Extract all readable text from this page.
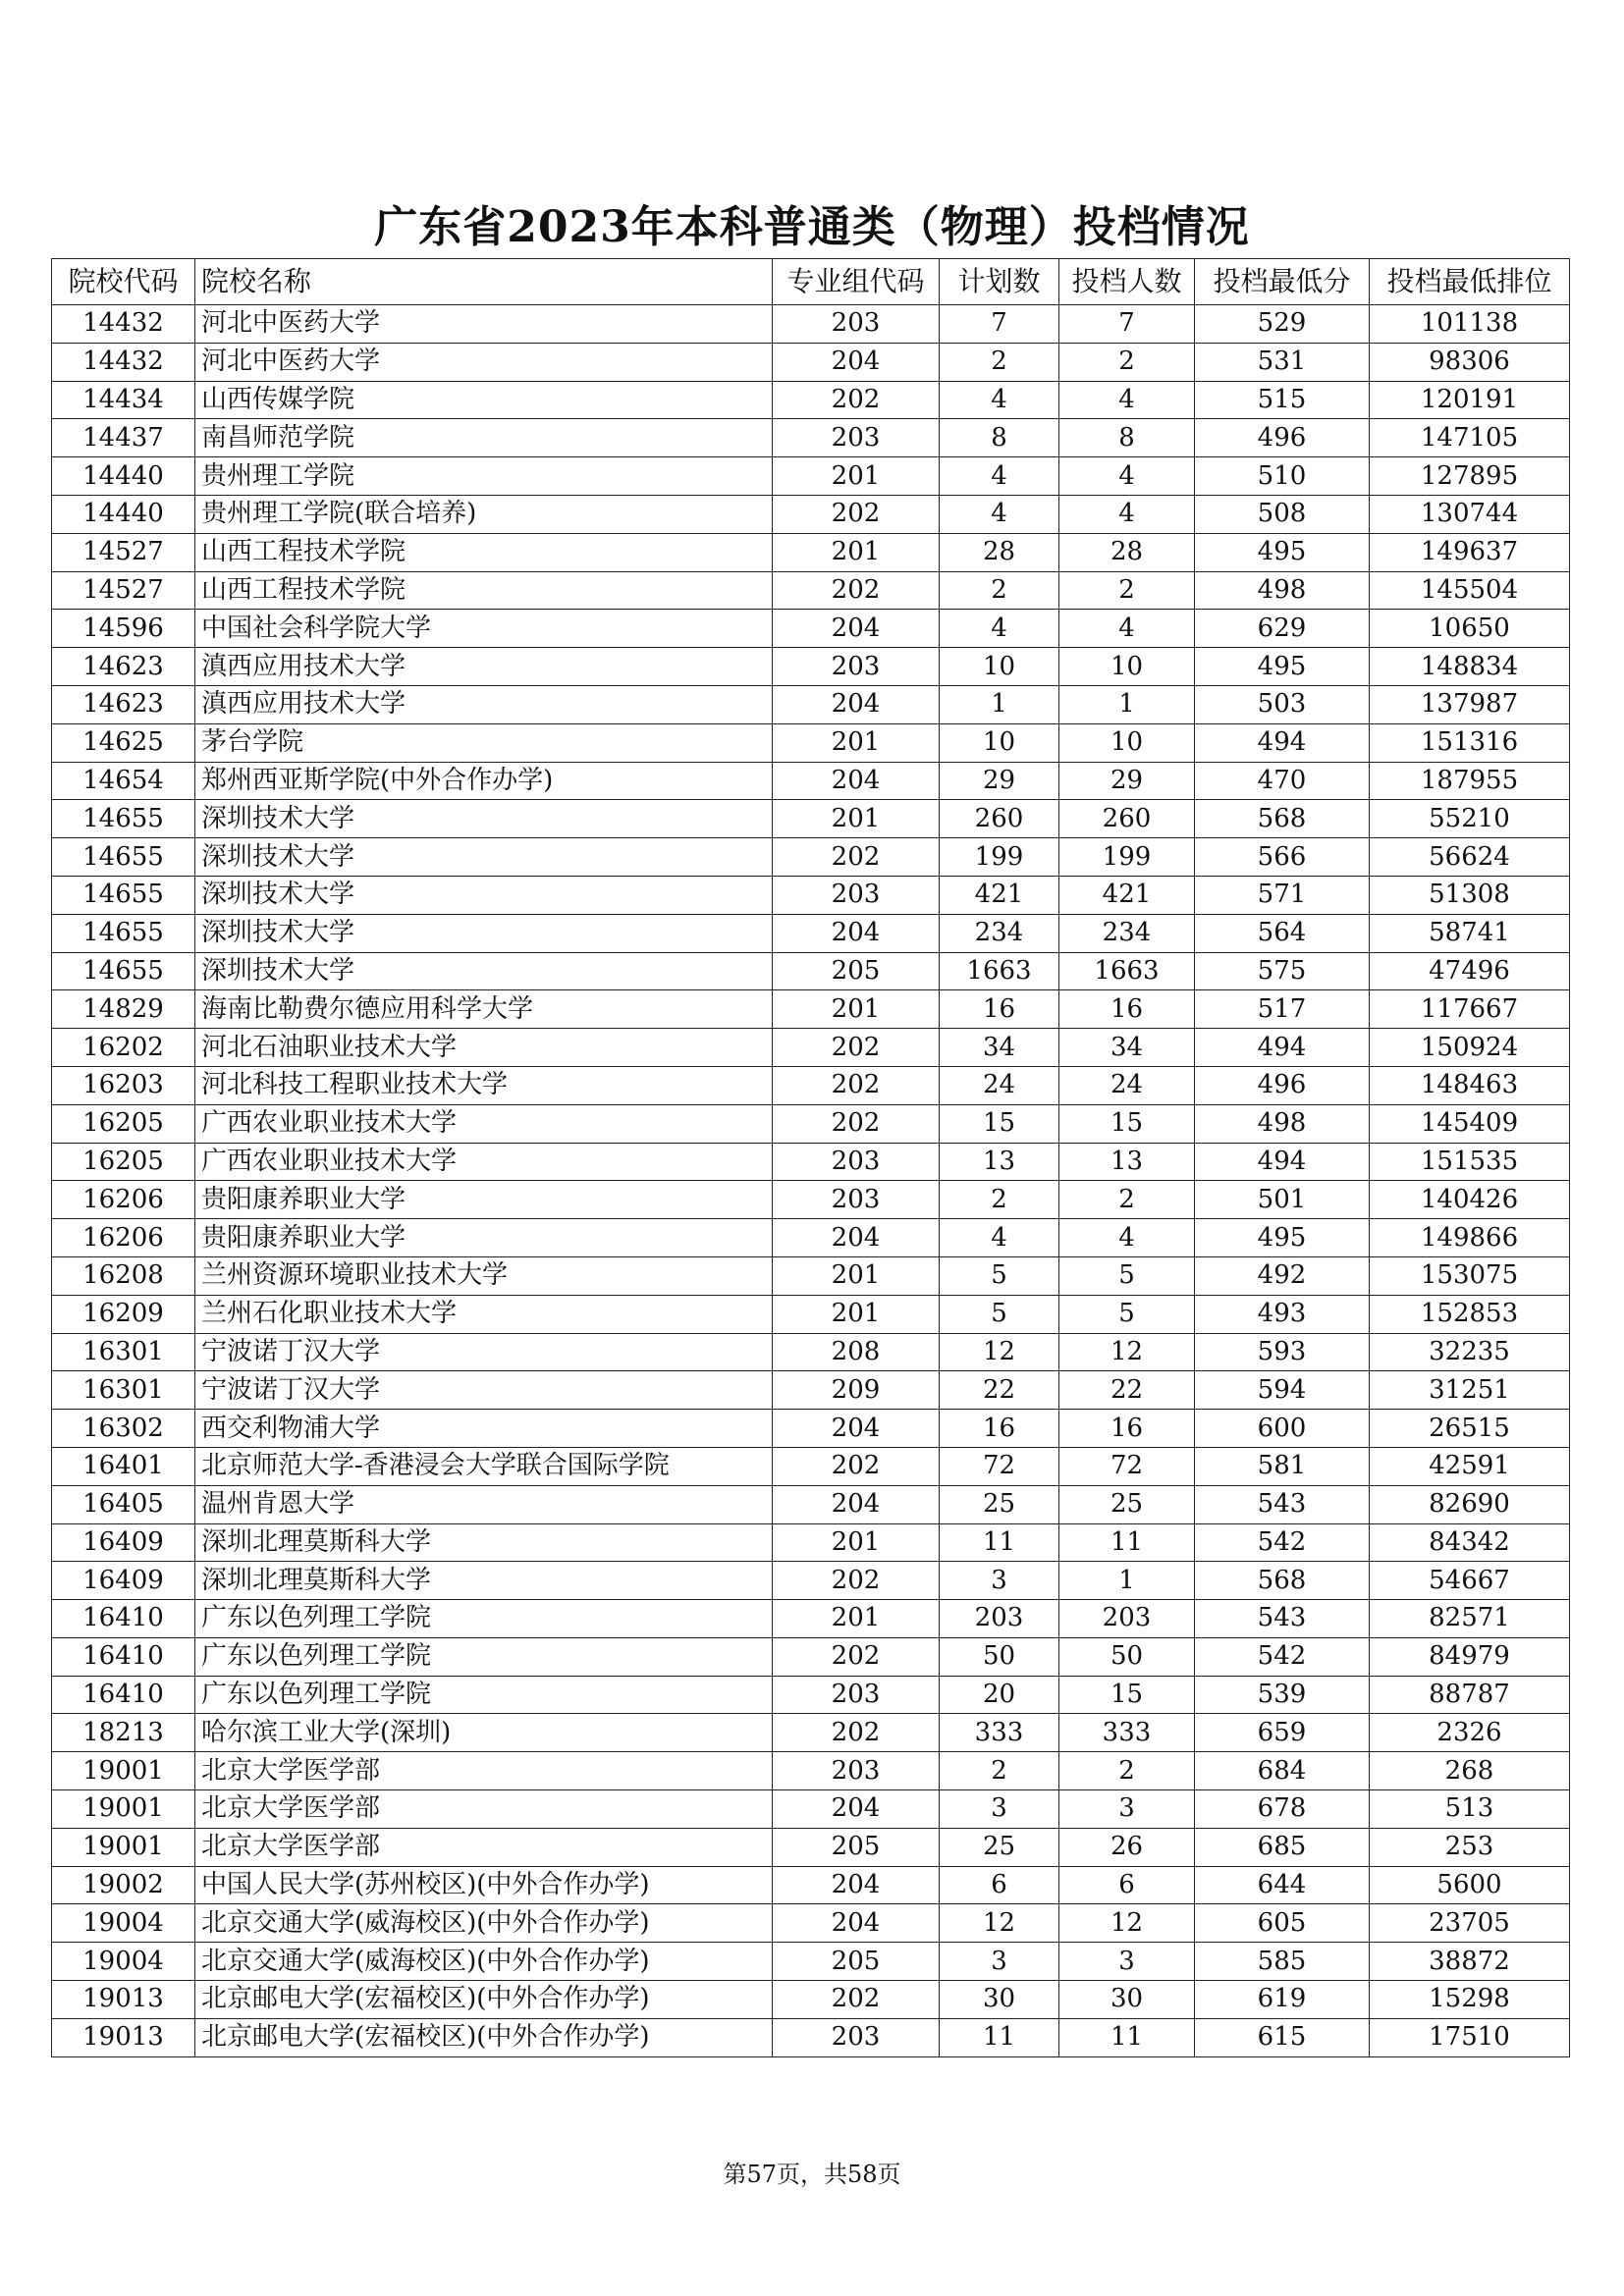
广东省2023年本科普通类（物理）投档情况
院校代码	院校名称	专业组代码	计划数	投档人数	投档最低分	投档最低排位
14432	河北中医药大学	203	7	7	529	101138
14432	河北中医药大学	204	2	2	531	98306
14434	山西传媒学院	202	4	4	515	120191
14437	南昌师范学院	203	8	8	496	147105
14440	贵州理工学院	201	4	4	510	127895
14440	贵州理工学院(联合培养)	202	4	4	508	130744
14527	山西工程技术学院	201	28	28	495	149637
14527	山西工程技术学院	202	2	2	498	145504
14596	中国社会科学院大学	204	4	4	629	10650
14623	滇西应用技术大学	203	10	10	495	148834
14623	滇西应用技术大学	204	1	1	503	137987
14625	茅台学院	201	10	10	494	151316
14654	郑州西亚斯学院(中外合作办学)	204	29	29	470	187955
14655	深圳技术大学	201	260	260	568	55210
14655	深圳技术大学	202	199	199	566	56624
14655	深圳技术大学	203	421	421	571	51308
14655	深圳技术大学	204	234	234	564	58741
14655	深圳技术大学	205	1663	1663	575	47496
14829	海南比勒费尔德应用科学大学	201	16	16	517	117667
16202	河北石油职业技术大学	202	34	34	494	150924
16203	河北科技工程职业技术大学	202	24	24	496	148463
16205	广西农业职业技术大学	202	15	15	498	145409
16205	广西农业职业技术大学	203	13	13	494	151535
16206	贵阳康养职业大学	203	2	2	501	140426
16206	贵阳康养职业大学	204	4	4	495	149866
16208	兰州资源环境职业技术大学	201	5	5	492	153075
16209	兰州石化职业技术大学	201	5	5	493	152853
16301	宁波诺丁汉大学	208	12	12	593	32235
16301	宁波诺丁汉大学	209	22	22	594	31251
16302	西交利物浦大学	204	16	16	600	26515
16401	北京师范大学-香港浸会大学联合国际学院	202	72	72	581	42591
16405	温州肯恩大学	204	25	25	543	82690
16409	深圳北理莫斯科大学	201	11	11	542	84342
16409	深圳北理莫斯科大学	202	3	1	568	54667
16410	广东以色列理工学院	201	203	203	543	82571
16410	广东以色列理工学院	202	50	50	542	84979
16410	广东以色列理工学院	203	20	15	539	88787
18213	哈尔滨工业大学(深圳)	202	333	333	659	2326
19001	北京大学医学部	203	2	2	684	268
19001	北京大学医学部	204	3	3	678	513
19001	北京大学医学部	205	25	26	685	253
19002	中国人民大学(苏州校区)(中外合作办学)	204	6	6	644	5600
19004	北京交通大学(威海校区)(中外合作办学)	204	12	12	605	23705
19004	北京交通大学(威海校区)(中外合作办学)	205	3	3	585	38872
19013	北京邮电大学(宏福校区)(中外合作办学)	202	30	30	619	15298
19013	北京邮电大学(宏福校区)(中外合作办学)	203	11	11	615	17510
第57页，共58页
